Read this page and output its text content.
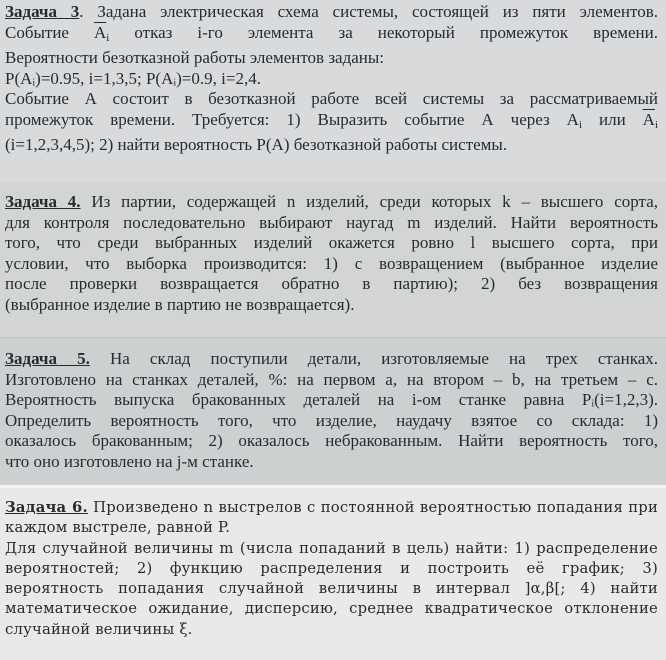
Задача 3. Задана электрическая схема системы, состоящей из пяти элементов.

Событие $\overline{A}_i$ отказ i-го элемента за некоторый промежуток времени.

Вероятности безотказной работы элементов заданы:

P(Aᵢ)=0.95, i=1,3,5; P(Aᵢ)=0.9, i=2,4.

Событие А состоит в безотказной работе всей системы за рассматриваемый

промежуток времени. Требуется: 1) Выразить событие А через $A_i$ или $\overline{A}_i$

(i=1,2,3,4,5); 2) найти вероятность P(A) безотказной работы системы.

Задача 4. Из партии, содержащей n изделий, среди которых k – высшего сорта,

для контроля последовательно выбирают наугад m изделий. Найти вероятность

того, что среди выбранных изделий окажется ровно l высшего сорта, при

условии, что выборка производится: 1) с возвращением (выбранное изделие

после проверки возвращается обратно в партию); 2) без возвращения

(выбранное изделие в партию не возвращается).

Задача 5. На склад поступили детали, изготовляемые на трех станках.

Изготовлено на станках деталей, %: на первом a, на втором – b, на третьем – c.

Вероятность выпуска бракованных деталей на i-ом станке равна Pᵢ(i=1,2,3).

Определить вероятность того, что изделие, наудачу взятое со склада: 1)

оказалось бракованным; 2) оказалось небракованным. Найти вероятность того,

что оно изготовлено на j-м станке.

Задача 6. Произведено n выстрелов с постоянной вероятностью попадания при

каждом выстреле, равной P.

Для случайной величины m (числа попаданий в цель) найти: 1) распределение

вероятностей; 2) функцию распределения и построить её график; 3)

вероятность попадания случайной величины в интервал ]α,β[; 4) найти

математическое ожидание, дисперсию, среднее квадратическое отклонение

случайной величины ξ.
